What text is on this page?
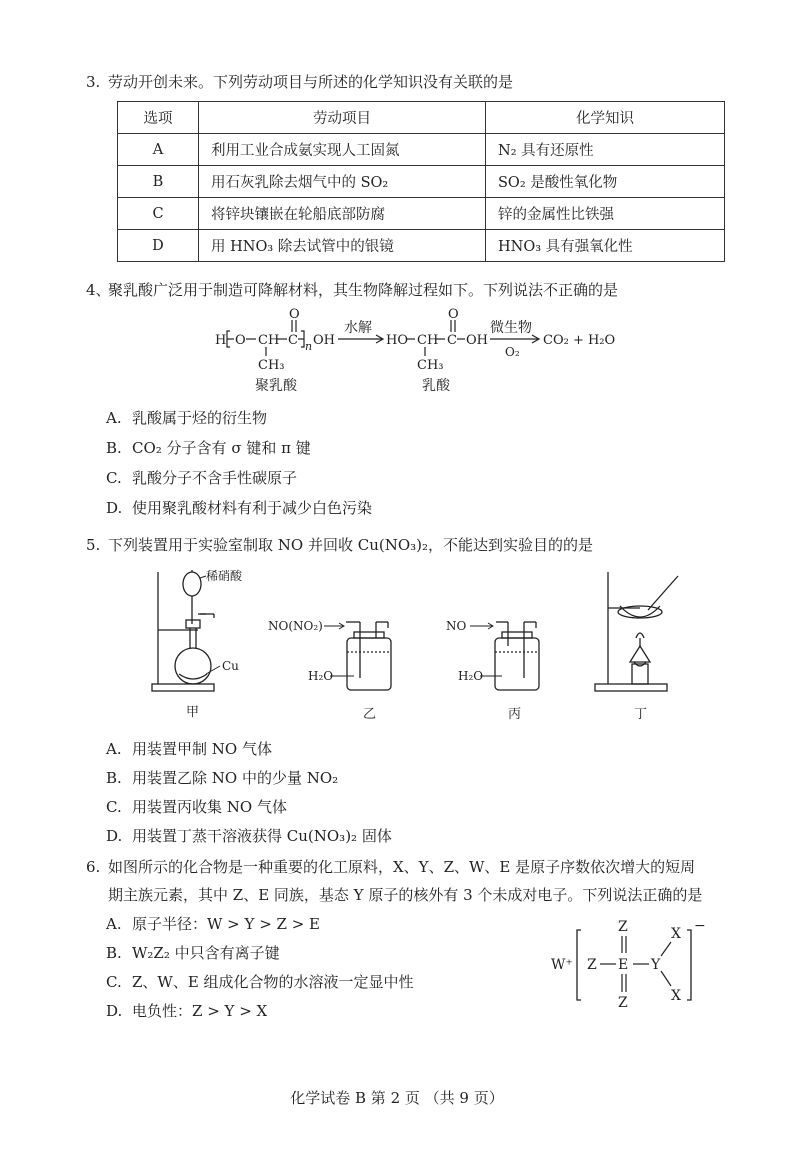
3. 劳动开创未来。下列劳动项目与所述的化学知识没有关联的是
选项	劳动项目	化学知识
A	利用工业合成氨实现人工固氮	N₂ 具有还原性
B	用石灰乳除去烟气中的 SO₂	SO₂ 是酸性氧化物
C	将锌块镶嵌在轮船底部防腐	锌的金属性比铁强
D	用 HNO₃ 除去试管中的银镜	HNO₃ 具有强氧化性
4、聚乳酸广泛用于制造可降解材料，其生物降解过程如下。下列说法不正确的是
H O CH C
O
n OH
CH₃
聚乳酸
水解
HO CH C
O
OH
CH₃
乳酸
微生物
O₂
CO₂ + H₂O
A. 乳酸属于烃的衍生物
B. CO₂ 分子含有 σ 键和 π 键
C. 乳酸分子不含手性碳原子
D. 使用聚乳酸材料有利于减少白色污染
5. 下列装置用于实验室制取 NO 并回收 Cu(NO₃)₂，不能达到实验目的的是
稀硝酸
Cu
甲
NO(NO₂)
H₂O
乙
NO
H₂O
丙	丁
A. 用装置甲制 NO 气体
B. 用装置乙除 NO 中的少量 NO₂
C. 用装置丙收集 NO 气体
D. 用装置丁蒸干溶液获得 Cu(NO₃)₂ 固体
6. 如图所示的化合物是一种重要的化工原料，X、Y、Z、W、E 是原子序数依次增大的短周
期主族元素，其中 Z、E 同族，基态 Y 原子的核外有 3 个未成对电子。下列说法正确的是
A. 原子半径：W > Y > Z > E
B. W₂Z₂ 中只含有离子键
C. Z、W、E 组成化合物的水溶液一定显中性
D. 电负性：Z > Y > X
W⁺ Z E
Z
Z
Y
X
X
−
化学试卷 B 第 2 页 （共 9 页）
